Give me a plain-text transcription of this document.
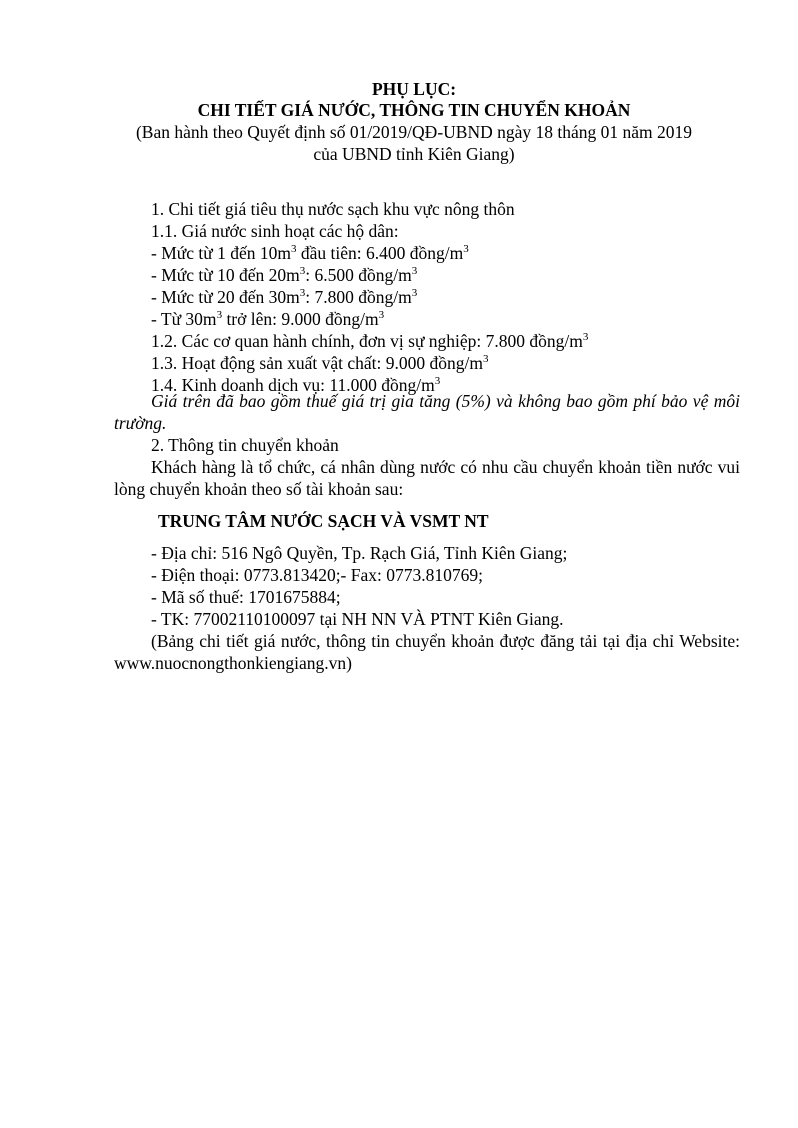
PHỤ LỤC:
CHI TIẾT GIÁ NƯỚC, THÔNG TIN CHUYỂN KHOẢN
(Ban hành theo Quyết định số 01/2019/QĐ-UBND ngày 18 tháng 01 năm 2019
của UBND tỉnh Kiên Giang)
1. Chi tiết giá tiêu thụ nước sạch khu vực nông thôn
1.1. Giá nước sinh hoạt các hộ dân:
- Mức từ 1 đến $10m^3$ đầu tiên: 6.400 đồng/$m^3$
- Mức từ 10 đến $20m^3$: 6.500 đồng/$m^3$
- Mức từ 20 đến $30m^3$: 7.800 đồng/$m^3$
- Từ $30m^3$ trở lên: 9.000 đồng/$m^3$
1.2. Các cơ quan hành chính, đơn vị sự nghiệp: 7.800 đồng/$m^3$
1.3. Hoạt động sản xuất vật chất: 9.000 đồng/$m^3$
1.4. Kinh doanh dịch vụ: 11.000 đồng/$m^3$
Giá trên đã bao gồm thuế giá trị gia tăng (5%) và không bao gồm phí bảo vệ môi trường.
2. Thông tin chuyển khoản
Khách hàng là tổ chức, cá nhân dùng nước có nhu cầu chuyển khoản tiền nước vui lòng chuyển khoản theo số tài khoản sau:
TRUNG TÂM NƯỚC SẠCH VÀ VSMT NT
- Địa chỉ: 516 Ngô Quyền, Tp. Rạch Giá, Tỉnh Kiên Giang;
- Điện thoại: 0773.813420;- Fax: 0773.810769;
- Mã số thuế: 1701675884;
- TK: 77002110100097 tại NH NN VÀ PTNT Kiên Giang.
(Bảng chi tiết giá nước, thông tin chuyển khoản được đăng tải tại địa chỉ Website: www.nuocnongthonkiengiang.vn)
